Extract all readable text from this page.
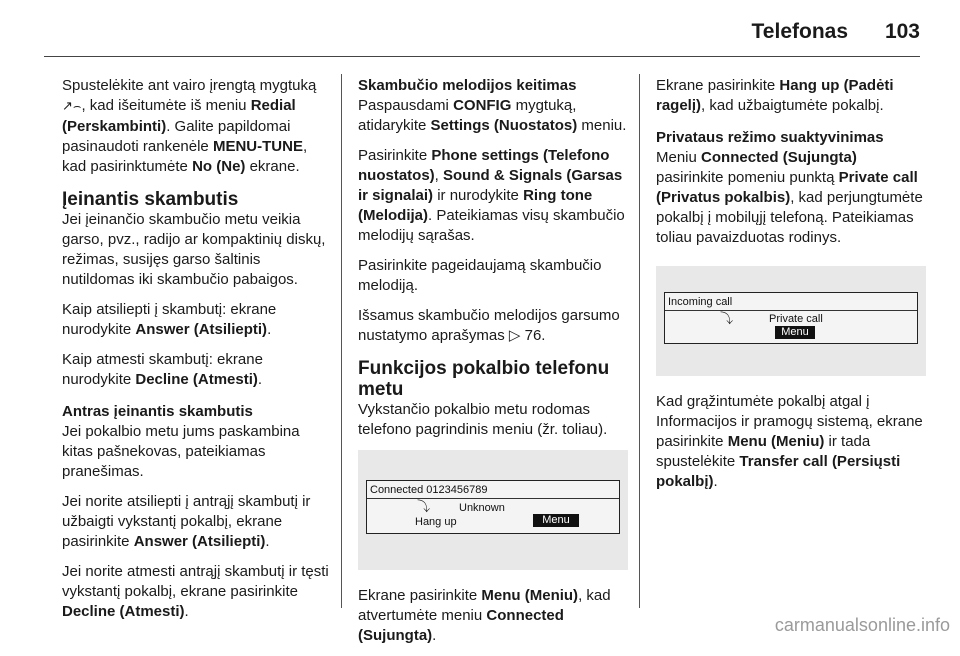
Telefonas 103

Spustelėkite ant vairo įrengtą mygtuką ↗⌢, kad išeitumėte iš meniu Redial (Perskambinti). Galite papildomai pasinaudoti rankenėle MENU-TUNE, kad pasirinktumėte No (Ne) ekrane.

Įeinantis skambutis

Jei įeinančio skambučio metu veikia garso, pvz., radijo ar kompaktinių diskų, režimas, susijęs garso šaltinis nutildomas iki skambučio pabaigos.

Kaip atsiliepti į skambutį: ekrane nurodykite Answer (Atsiliepti).

Kaip atmesti skambutį: ekrane nurodykite Decline (Atmesti).

Antras įeinantis skambutis

Jei pokalbio metu jums paskambina kitas pašnekovas, pateikiamas pranešimas.

Jei norite atsiliepti į antrąjį skambutį ir užbaigti vykstantį pokalbį, ekrane pasirinkite Answer (Atsiliepti).

Jei norite atmesti antrąjį skambutį ir tęsti vykstantį pokalbį, ekrane pasirinkite Decline (Atmesti).

Skambučio melodijos keitimas

Paspausdami CONFIG mygtuką, atidarykite Settings (Nuostatos) meniu.

Pasirinkite Phone settings (Telefono nuostatos), Sound & Signals (Garsas ir signalai) ir nurodykite Ring tone (Melodija). Pateikiamas visų skambučio melodijų sąrašas.

Pasirinkite pageidaujamą skambučio melodiją.

Išsamus skambučio melodijos garsumo nustatymo aprašymas ▷ 76.

Funkcijos pokalbio telefonu metu

Vykstančio pokalbio metu rodomas telefono pagrindinis meniu (žr. toliau).

Connected 0123456789
⤵	Unknown
Hang up	Menu

Ekrane pasirinkite Menu (Meniu), kad atvertumėte meniu Connected (Sujungta).

Ekrane pasirinkite Hang up (Padėti ragelį), kad užbaigtumėte pokalbį.

Privataus režimo suaktyvinimas

Meniu Connected (Sujungta) pasirinkite pomeniu punktą Private call (Privatus pokalbis), kad perjungtumėte pokalbį į mobilųjį telefoną. Pateikiamas toliau pavaizduotas rodinys.

Incoming call
⤵	Private call
Menu

Kad grąžintumėte pokalbį atgal į Informacijos ir pramogų sistemą, ekrane pasirinkite Menu (Meniu) ir tada spustelėkite Transfer call (Persiųsti pokalbį).

carmanualsonline.info
